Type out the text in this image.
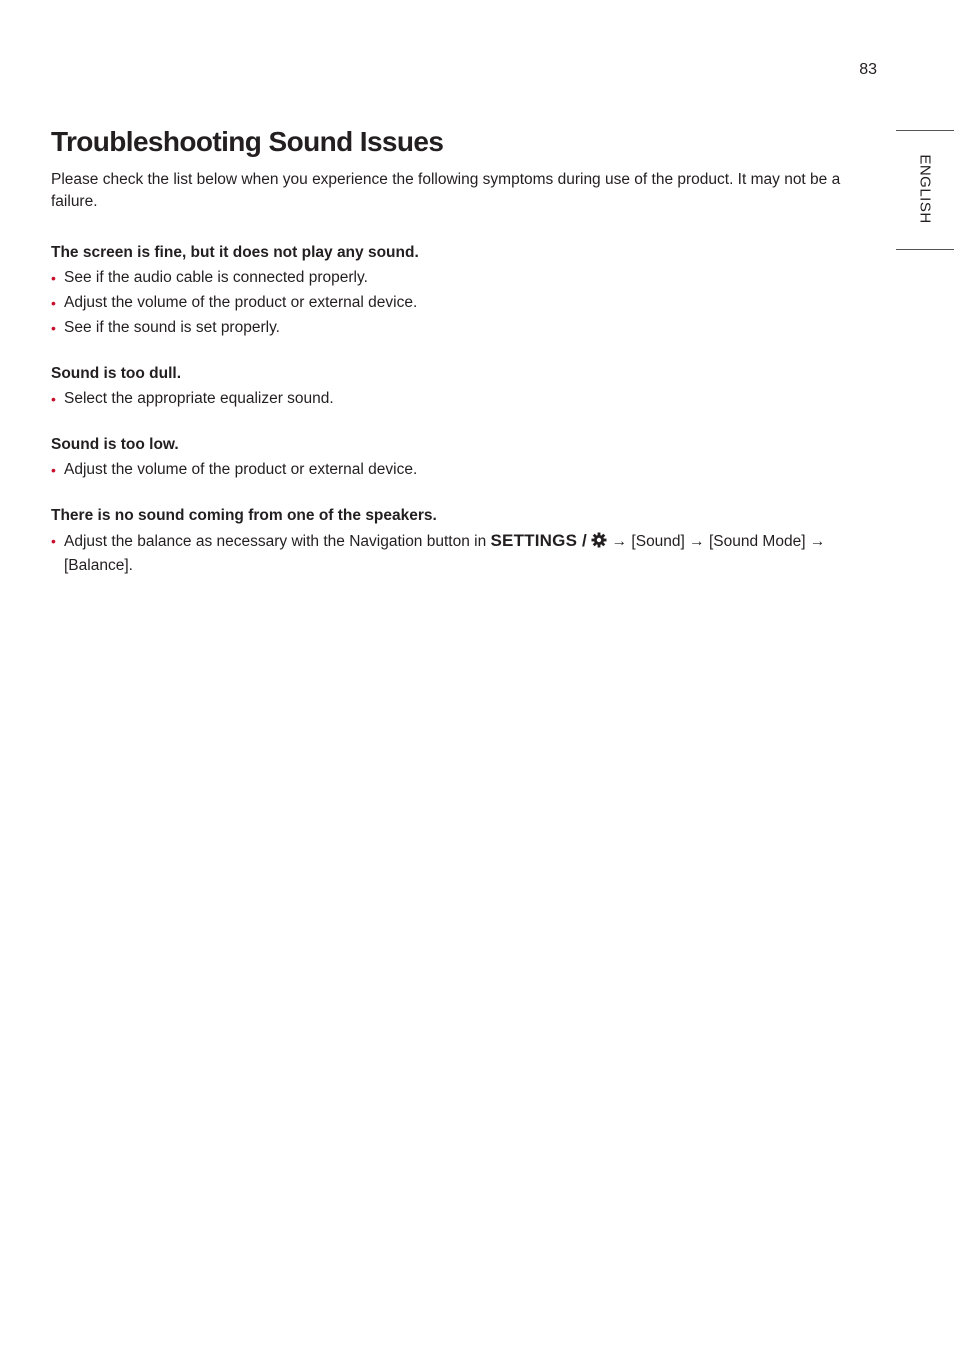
83
ENGLISH
Troubleshooting Sound Issues

Please check the list below when you experience the following symptoms during use of the product. It may not be a failure.

The screen is fine, but it does not play any sound.

• See if the audio cable is connected properly.
• Adjust the volume of the product or external device.
• See if the sound is set properly.

Sound is too dull.

• Select the appropriate equalizer sound.

Sound is too low.

• Adjust the volume of the product or external device.

There is no sound coming from one of the speakers.

• Adjust the balance as necessary with the Navigation button in SETTINGS / → [Sound] → [Sound Mode] → [Balance].
